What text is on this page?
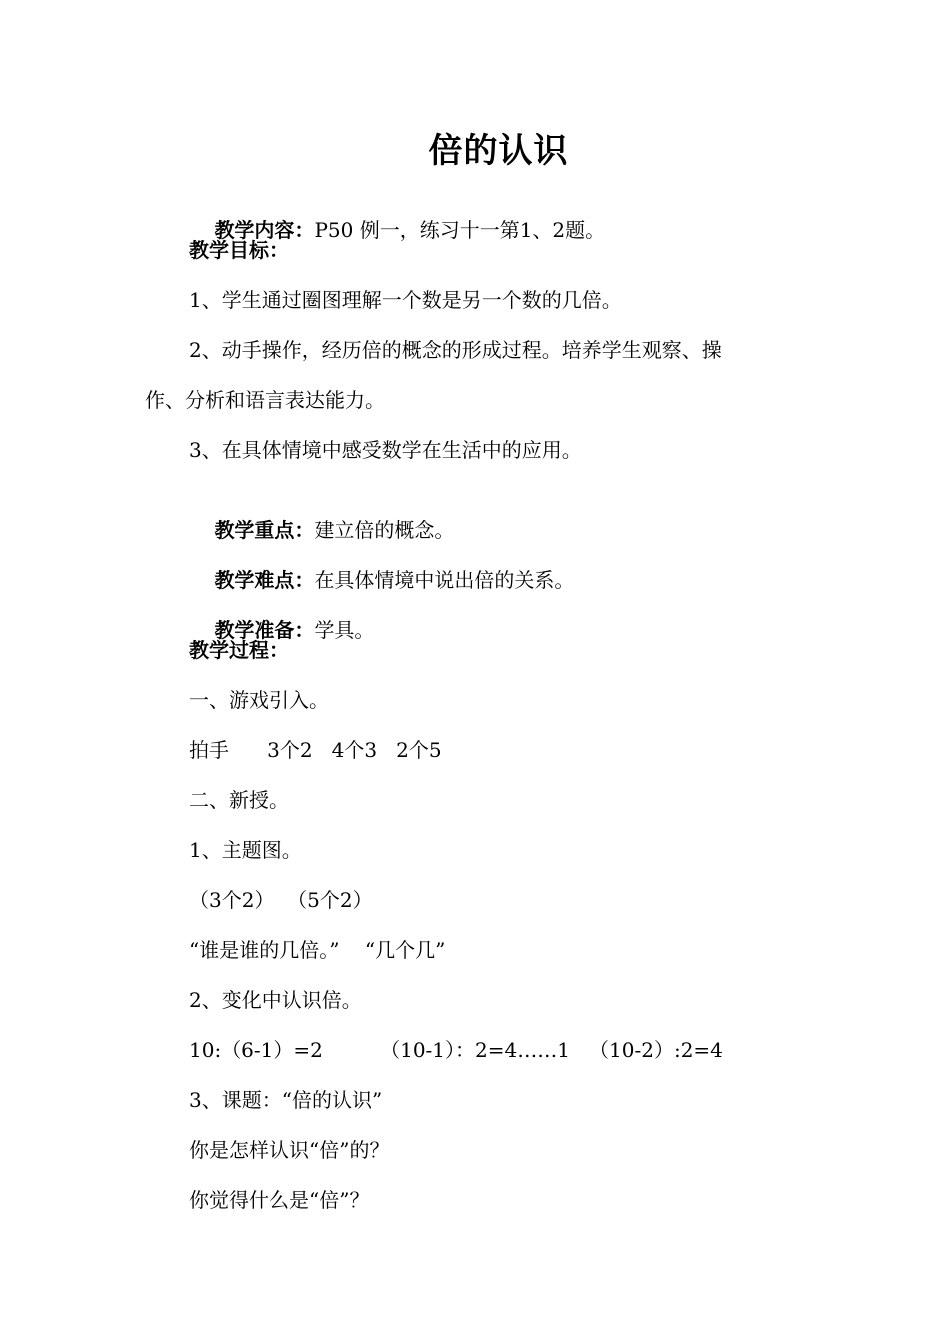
倍的认识

教学内容：P50 例一，练习十一第1、2题。

教学目标：
1、学生通过圈图理解一个数是另一个数的几倍。
2、动手操作，经历倍的概念的形成过程。培养学生观察、操
作、分析和语言表达能力。
3、在具体情境中感受数学在生活中的应用。

教学重点：建立倍的概念。

教学难点：在具体情境中说出倍的关系。

教学准备：学具。

教学过程：
一、游戏引入。
拍手      3个2   4个3   2个5
二、新授。
1、主题图。
（3个2）  （5个2）
“谁是谁的几倍。”    “几个几”
2、变化中认识倍。
10:（6-1）=2         （10-1）：2=4……1   （10-2）:2=4
3、课题：“倍的认识”
你是怎样认识“倍”的？
你觉得什么是“倍”？
